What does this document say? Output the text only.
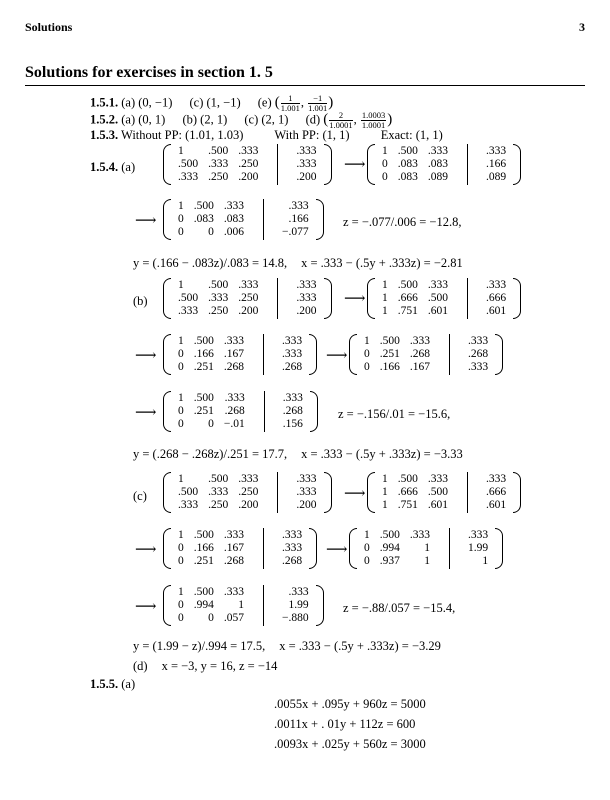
Solutions	3
Solutions for exercises in section 1. 5
1.5.1. (a) (0, −1) (c) (1, −1) (e) ( $\frac{1}{1.001}$ , $\frac{-1}{1.001}$ )
1.5.2. (a) (0, 1) (b) (2, 1) (c) (2, 1) (d) ( $\frac{2}{1.0001}$ , $\frac{1.0003}{1.0001}$ )
1.5.3. Without PP: (1.01, 1.03) With PP: (1, 1) Exact: (1, 1)
1.5.4. (a)
(b)
(c)
1
.500
.333
.500
.333
.250
.333
.250
.200
.333
.333
.200
⟶
1
0
0
.500
.083
.083
.333
.083
.089
.333
.166
.089
⟶
1
0
0
.500
.083
0
.333
.083
.006
.333
.166
−.077
z = −.077/.006 = −12.8,
y = (.166 − .083z)/.083 = 14.8, x = .333 − (.5y + .333z) = −2.81
1
.500
.333
.500
.333
.250
.333
.250
.200
.333
.333
.200
⟶
1
1
1
.500
.666
.751
.333
.500
.601
.333
.666
.601
⟶
1
0
0
.500
.166
.251
.333
.167
.268
.333
.333
.268
⟶
1
0
0
.500
.251
.166
.333
.268
.167
.333
.268
.333
⟶
1
0
0
.500
.251
0
.333
.268
−.01
.333
.268
.156
z = −.156/.01 = −15.6,
y = (.268 − .268z)/.251 = 17.7, x = .333 − (.5y + .333z) = −3.33
1
.500
.333
.500
.333
.250
.333
.250
.200
.333
.333
.200
⟶
1
1
1
.500
.666
.751
.333
.500
.601
.333
.666
.601
⟶
1
0
0
.500
.166
.251
.333
.167
.268
.333
.333
.268
⟶
1
0
0
.500
.994
.937
.333
1
1
.333
1.99
1
⟶
1
0
0
.500
.994
0
.333
1
.057
.333
1.99
−.880
z = −.88/.057 = −15.4,
y = (1.99 − z)/.994 = 17.5, x = .333 − (.5y + .333z) = −3.29
(d) x = −3, y = 16, z = −14
1.5.5. (a)
.0055x + .095y + 960z = 5000
.0011x + . 01y + 112z = 600
.0093x + .025y + 560z = 3000
